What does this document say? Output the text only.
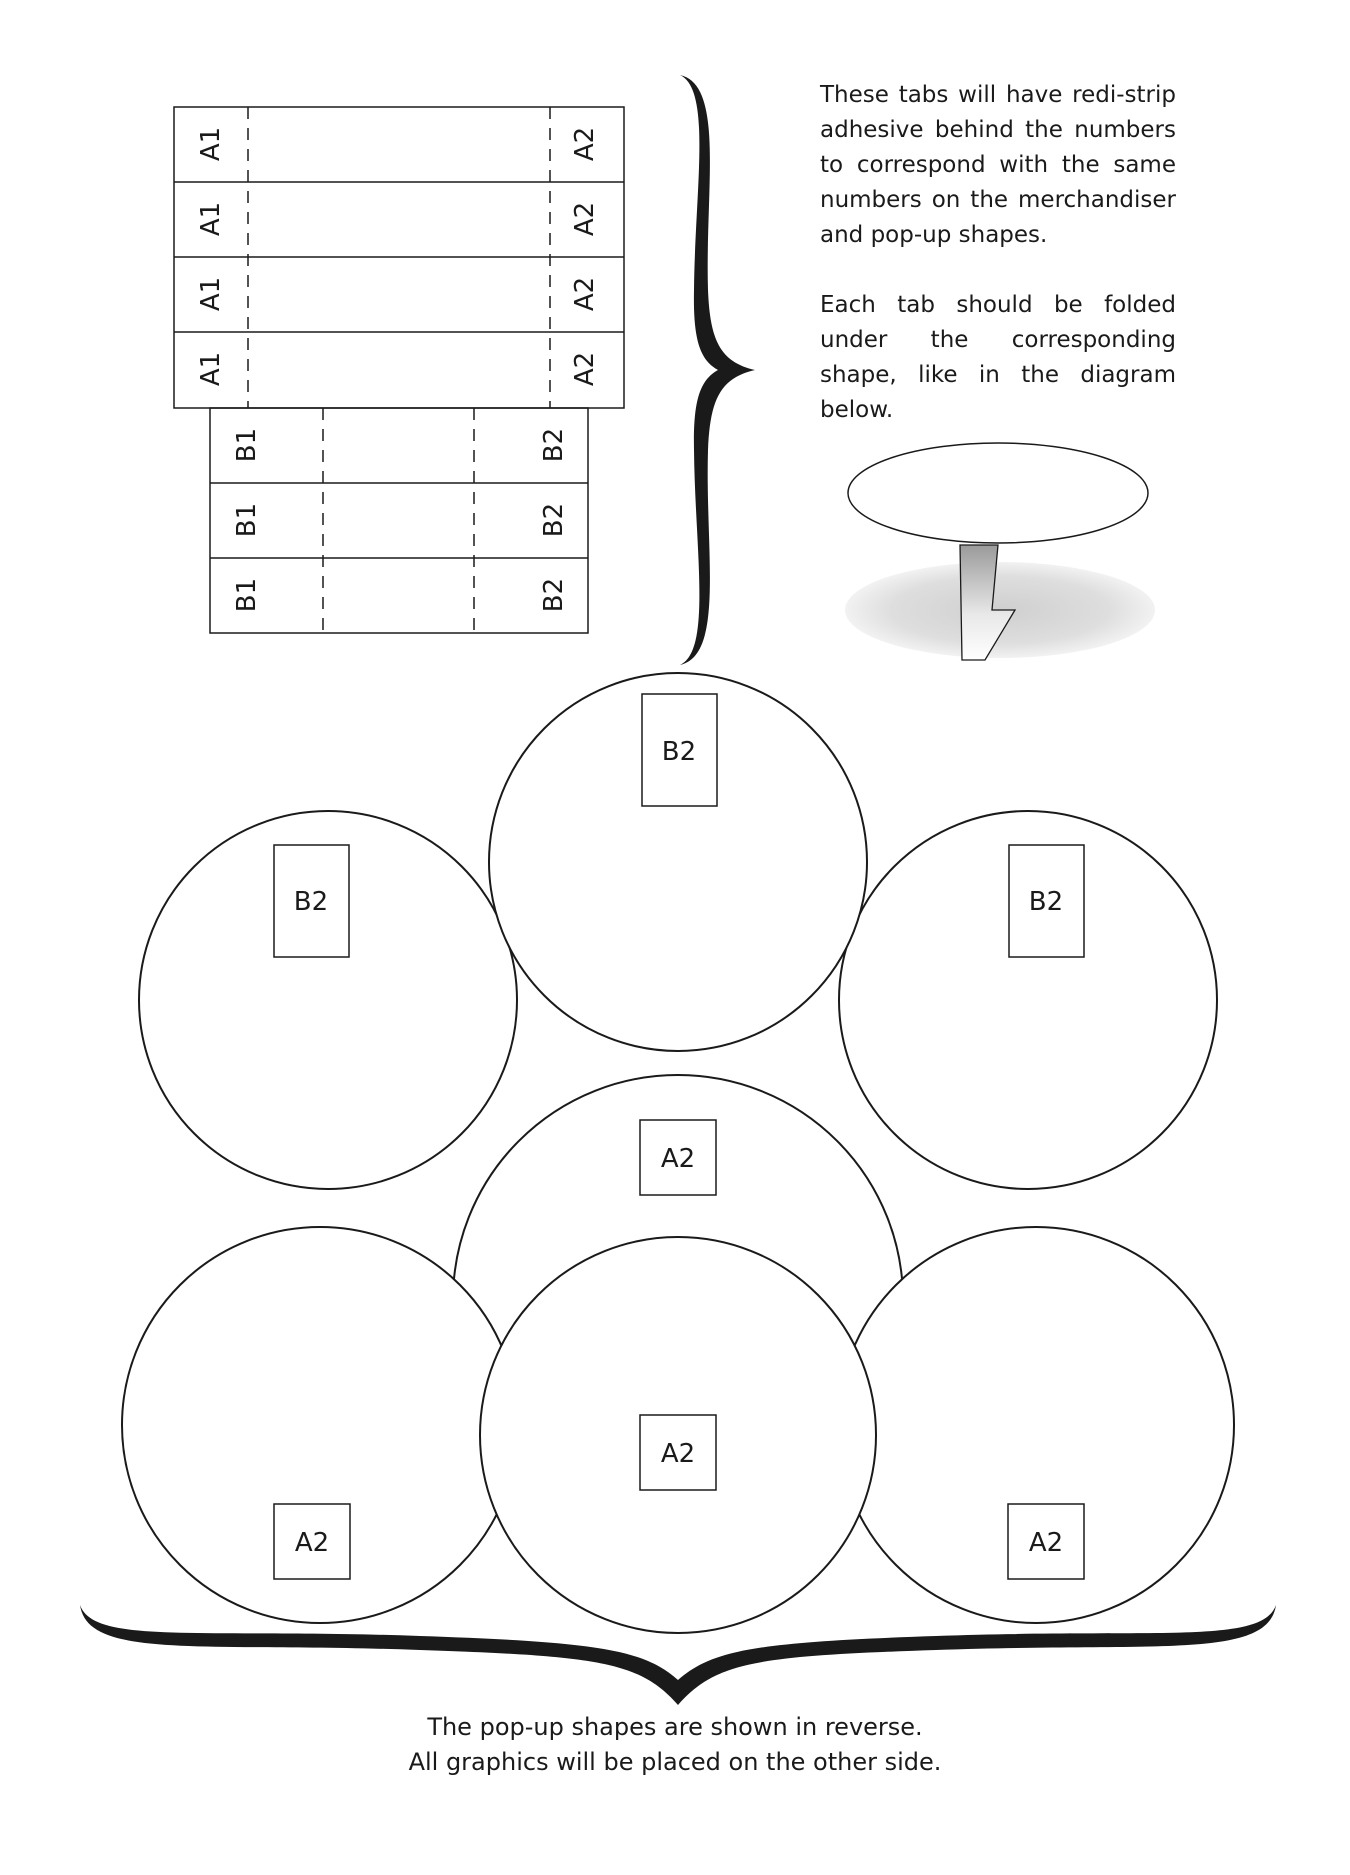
A1
A1
A1
A1
A2
A2
A2
A2
B1
B1
B1
B2
B2
B2
B2
B2	B2
A2
A2
A2	A2

These tabs will have redi-strip adhesive behind the numbers to correspond with the same numbers on the merchandiser and pop-up shapes.

Each tab should be folded under the corresponding shape, like in the diagram below.

The pop-up shapes are shown in reverse.
All graphics will be placed on the other side.
